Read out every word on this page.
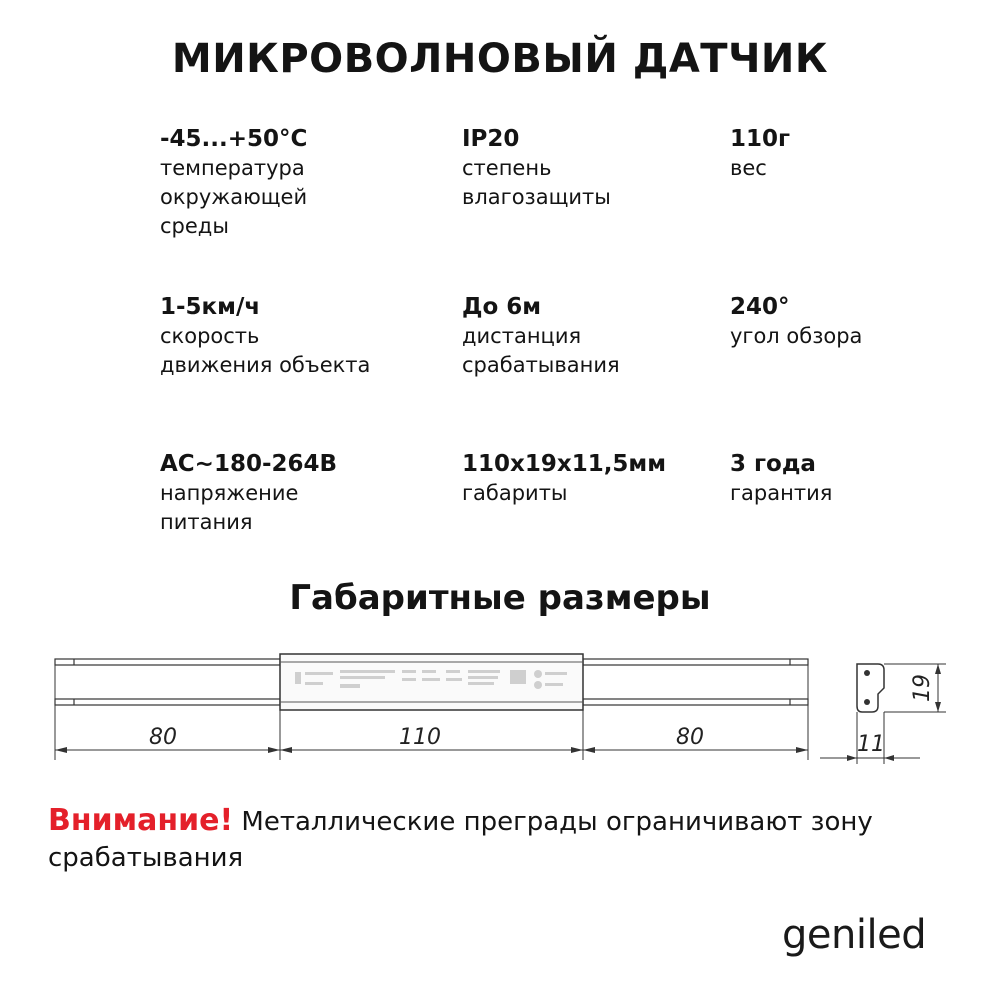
МИКРОВОЛНОВЫЙ ДАТЧИК
-45...+50°C
температура
окружающей
среды
IP20
степень
влагозащиты
110г
вес
1-5км/ч
скорость
движения объекта
До 6м
дистанция
срабатывания
240°
угол обзора
AC~180-264В
напряжение
питания
110x19x11,5мм
габариты
3 года
гарантия
Габаритные размеры
80	110	80
19
11
Внимание! Металлические преграды ограничивают зону срабатывания
geniled
